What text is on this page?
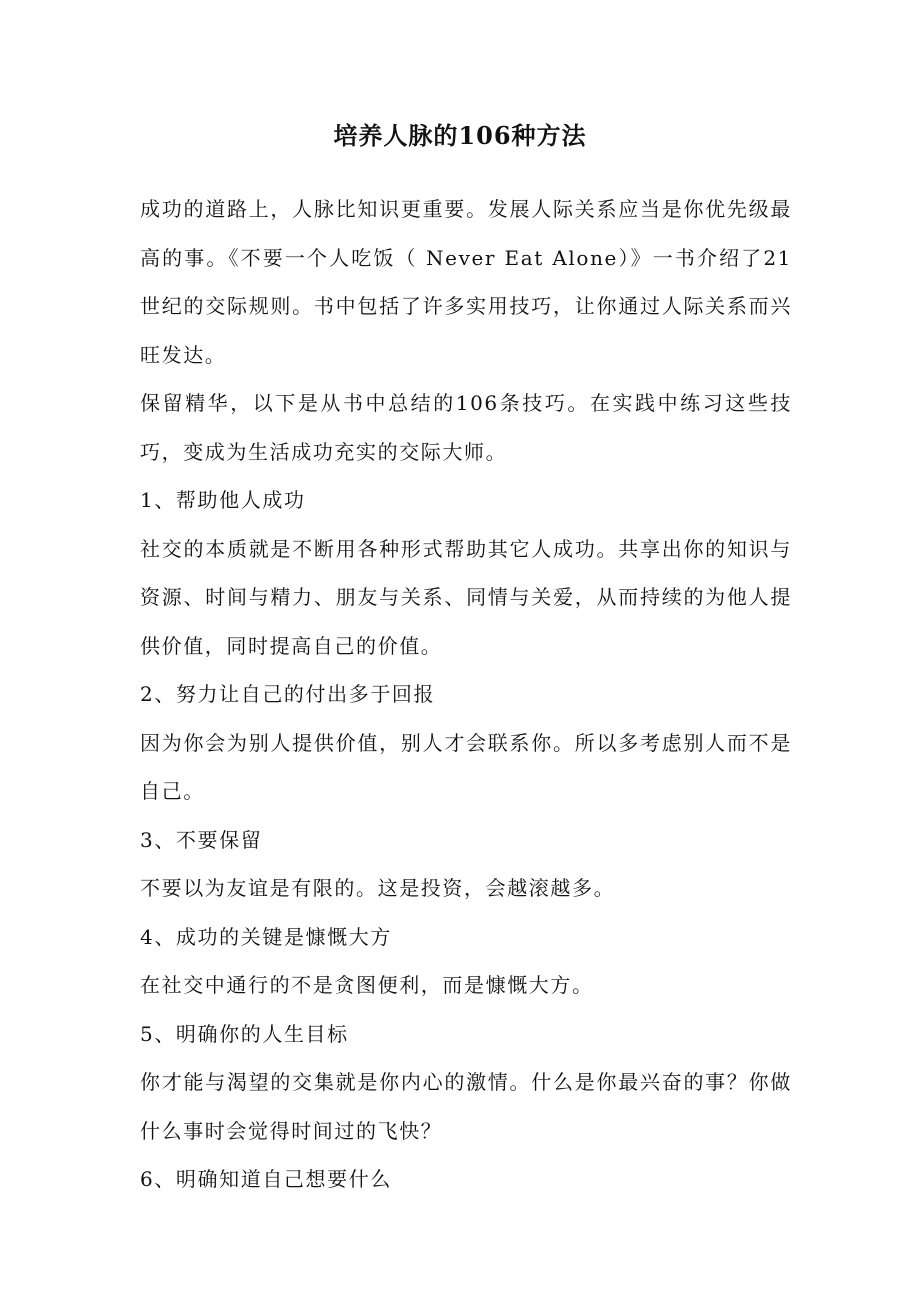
培养人脉的106种方法

成功的道路上，人脉比知识更重要。发展人际关系应当是你优先级最高的事。《不要一个人吃饭（ Never Eat Alone）》一书介绍了21世纪的交际规则。书中包括了许多实用技巧，让你通过人际关系而兴旺发达。

保留精华，以下是从书中总结的106条技巧。在实践中练习这些技巧，变成为生活成功充实的交际大师。

1、帮助他人成功

社交的本质就是不断用各种形式帮助其它人成功。共享出你的知识与资源、时间与精力、朋友与关系、同情与关爱，从而持续的为他人提供价值，同时提高自己的价值。

2、努力让自己的付出多于回报

因为你会为别人提供价值，别人才会联系你。所以多考虑别人而不是自己。

3、不要保留

不要以为友谊是有限的。这是投资，会越滚越多。

4、成功的关键是慷慨大方

在社交中通行的不是贪图便利，而是慷慨大方。

5、明确你的人生目标

你才能与渴望的交集就是你内心的激情。什么是你最兴奋的事？你做什么事时会觉得时间过的飞快？

6、明确知道自己想要什么
